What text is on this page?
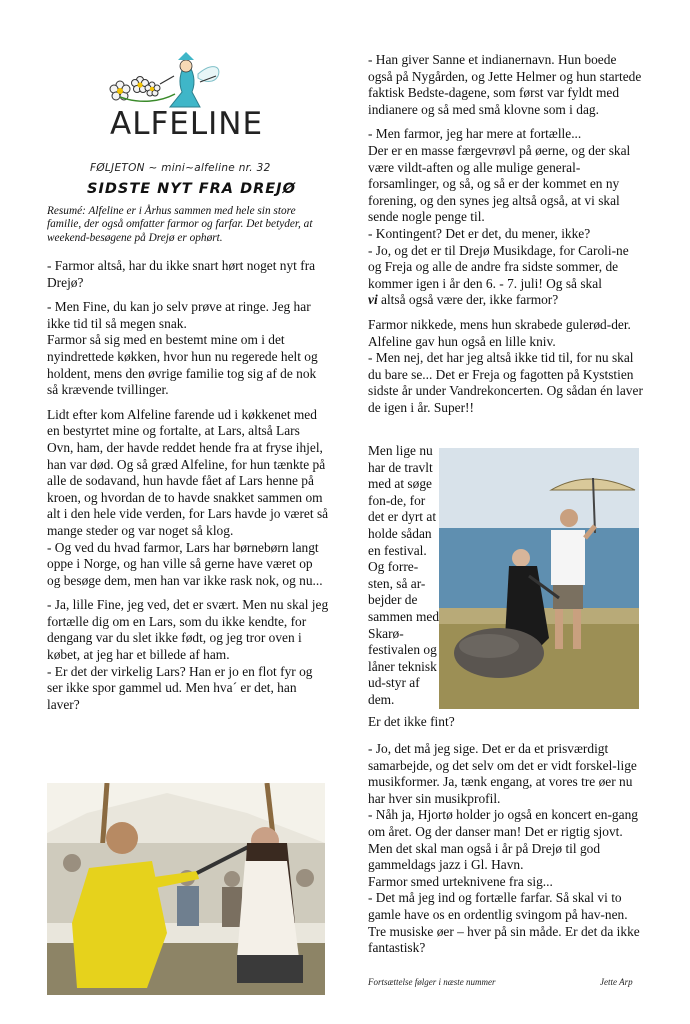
ALFELINE
FØLJETON ~ mini~alfeline nr. 32
SIDSTE NYT FRA DREJØ
Resumé: Alfeline er i Århus sammen med hele sin store familie, der også omfatter farmor og farfar. Det betyder, at weekend-besøgene på Drejø er ophørt.

- Farmor altså, har du ikke snart hørt noget nyt fra Drejø?

- Men Fine, du kan jo selv prøve at ringe. Jeg har ikke tid til så megen snak.
Farmor så sig med en bestemt mine om i det nyindrettede køkken, hvor hun nu regerede helt og holdent, mens den øvrige familie tog sig af de nok så krævende tvillinger.

Lidt efter kom Alfeline farende ud i køkkenet med en bestyrtet mine og fortalte, at Lars, altså Lars Ovn, ham, der havde reddet hende fra at fryse ihjel, han var død. Og så græd Alfeline, for hun tænkte på alle de sodavand, hun havde fået af Lars henne på kroen, og hvordan de to havde snakket sammen om alt i den hele vide verden, for Lars havde jo været så mange steder og var noget så klog.
- Og ved du hvad farmor, Lars har børnebørn langt oppe i Norge, og han ville så gerne have været op og besøge dem, men han var ikke rask nok, og nu...

- Ja, lille Fine, jeg ved, det er svært. Men nu skal jeg fortælle dig om en Lars, som du ikke kendte, for dengang var du slet ikke født, og jeg tror oven i købet, at jeg har et billede af ham.
- Er det der virkelig Lars? Han er jo en flot fyr og ser ikke spor gammel ud. Men hva´ er det, han laver?

- Han giver Sanne et indianernavn. Hun boede også på Nygården, og Jette Helmer og hun startede faktisk Bedste-dagene, som først var fyldt med indianere og så med små klovne som i dag.

- Men farmor, jeg har mere at fortælle...
Der er en masse færgevrøvl på øerne, og der skal være vildt-aften og alle mulige general-forsamlinger, og så, og så er der kommet en ny forening, og den synes jeg altså også, at vi skal sende nogle penge til.
- Kontingent? Det er det, du mener, ikke?
- Jo, og det er til Drejø Musikdage, for Caroli-ne og Freja og alle de andre fra sidste sommer, de kommer igen i år den 6. - 7. juli! Og så skal

vi altså også være der, ikke farmor?

Farmor nikkede, mens hun skrabede gulerød-der. Alfeline gav hun også en lille kniv.
- Men nej, det har jeg altså ikke tid til, for nu skal du bare se... Det er Freja og fagotten på Kyststien sidste år under Vandrekoncerten. Og sådan én laver de igen i år. Super!!

Men lige nu har de travlt med at søge fon-de, for det er dyrt at holde sådan en festival. Og forre-sten, så ar-bejder de sammen med Skarø-festivalen og låner teknisk ud-styr af dem.

Er det ikke fint?

- Jo, det må jeg sige. Det er da et prisværdigt samarbejde, og det selv om det er vidt forskel-lige musikformer. Ja, tænk engang, at vores tre øer nu har hver sin musikprofil.
- Nåh ja, Hjortø holder jo også en koncert en-gang om året. Og der danser man! Det er rigtig sjovt. Men det skal man også i år på Drejø til god gammeldags jazz i Gl. Havn.
Farmor smed urteknivene fra sig...
- Det må jeg ind og fortælle farfar. Så skal vi to gamle have os en ordentlig svingom på hav-nen. Tre musiske øer – hver på sin måde. Er det da ikke fantastisk?

Fortsættelse følger i næste nummer	Jette Arp
